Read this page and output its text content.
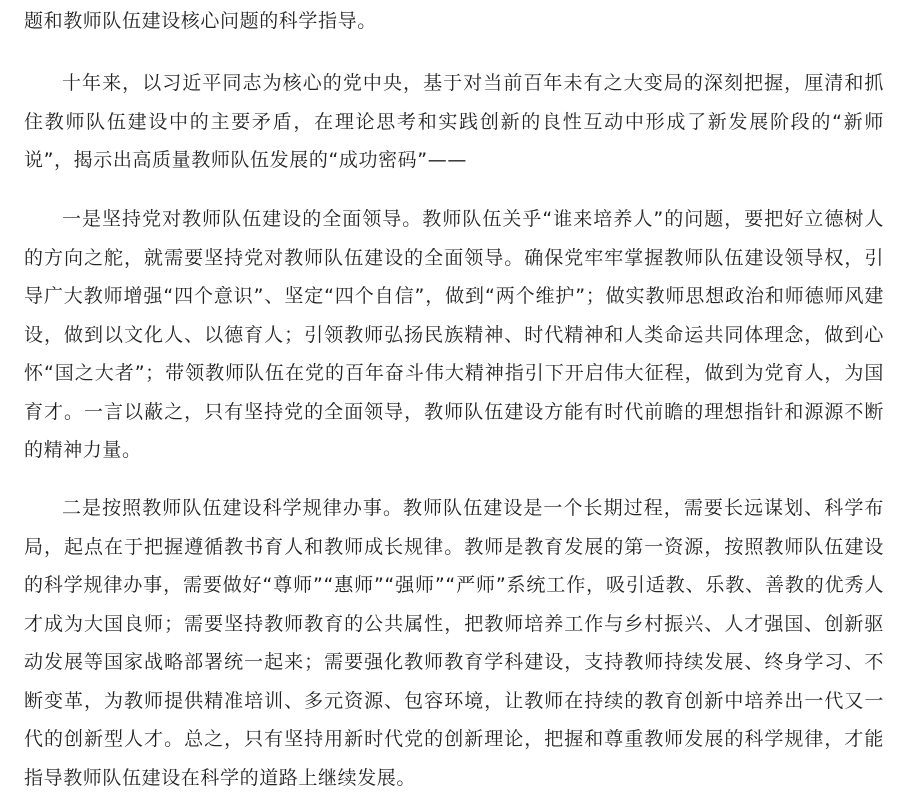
题和教师队伍建设核心问题的科学指导。

十年来，以习近平同志为核心的党中央，基于对当前百年未有之大变局的深刻把握，厘清和抓住教师队伍建设中的主要矛盾，在理论思考和实践创新的良性互动中形成了新发展阶段的“新师说”，揭示出高质量教师队伍发展的“成功密码”——

一是坚持党对教师队伍建设的全面领导。教师队伍关乎“谁来培养人”的问题，要把好立德树人的方向之舵，就需要坚持党对教师队伍建设的全面领导。确保党牢牢掌握教师队伍建设领导权，引导广大教师增强“四个意识”、坚定“四个自信”，做到“两个维护”；做实教师思想政治和师德师风建设，做到以文化人、以德育人；引领教师弘扬民族精神、时代精神和人类命运共同体理念，做到心怀“国之大者”；带领教师队伍在党的百年奋斗伟大精神指引下开启伟大征程，做到为党育人，为国育才。一言以蔽之，只有坚持党的全面领导，教师队伍建设方能有时代前瞻的理想指针和源源不断的精神力量。

二是按照教师队伍建设科学规律办事。教师队伍建设是一个长期过程，需要长远谋划、科学布局，起点在于把握遵循教书育人和教师成长规律。教师是教育发展的第一资源，按照教师队伍建设的科学规律办事，需要做好“尊师”“惠师”“强师”“严师”系统工作，吸引适教、乐教、善教的优秀人才成为大国良师；需要坚持教师教育的公共属性，把教师培养工作与乡村振兴、人才强国、创新驱动发展等国家战略部署统一起来；需要强化教师教育学科建设，支持教师持续发展、终身学习、不断变革，为教师提供精准培训、多元资源、包容环境，让教师在持续的教育创新中培养出一代又一代的创新型人才。总之，只有坚持用新时代党的创新理论，把握和尊重教师发展的科学规律，才能指导教师队伍建设在科学的道路上继续发展。
